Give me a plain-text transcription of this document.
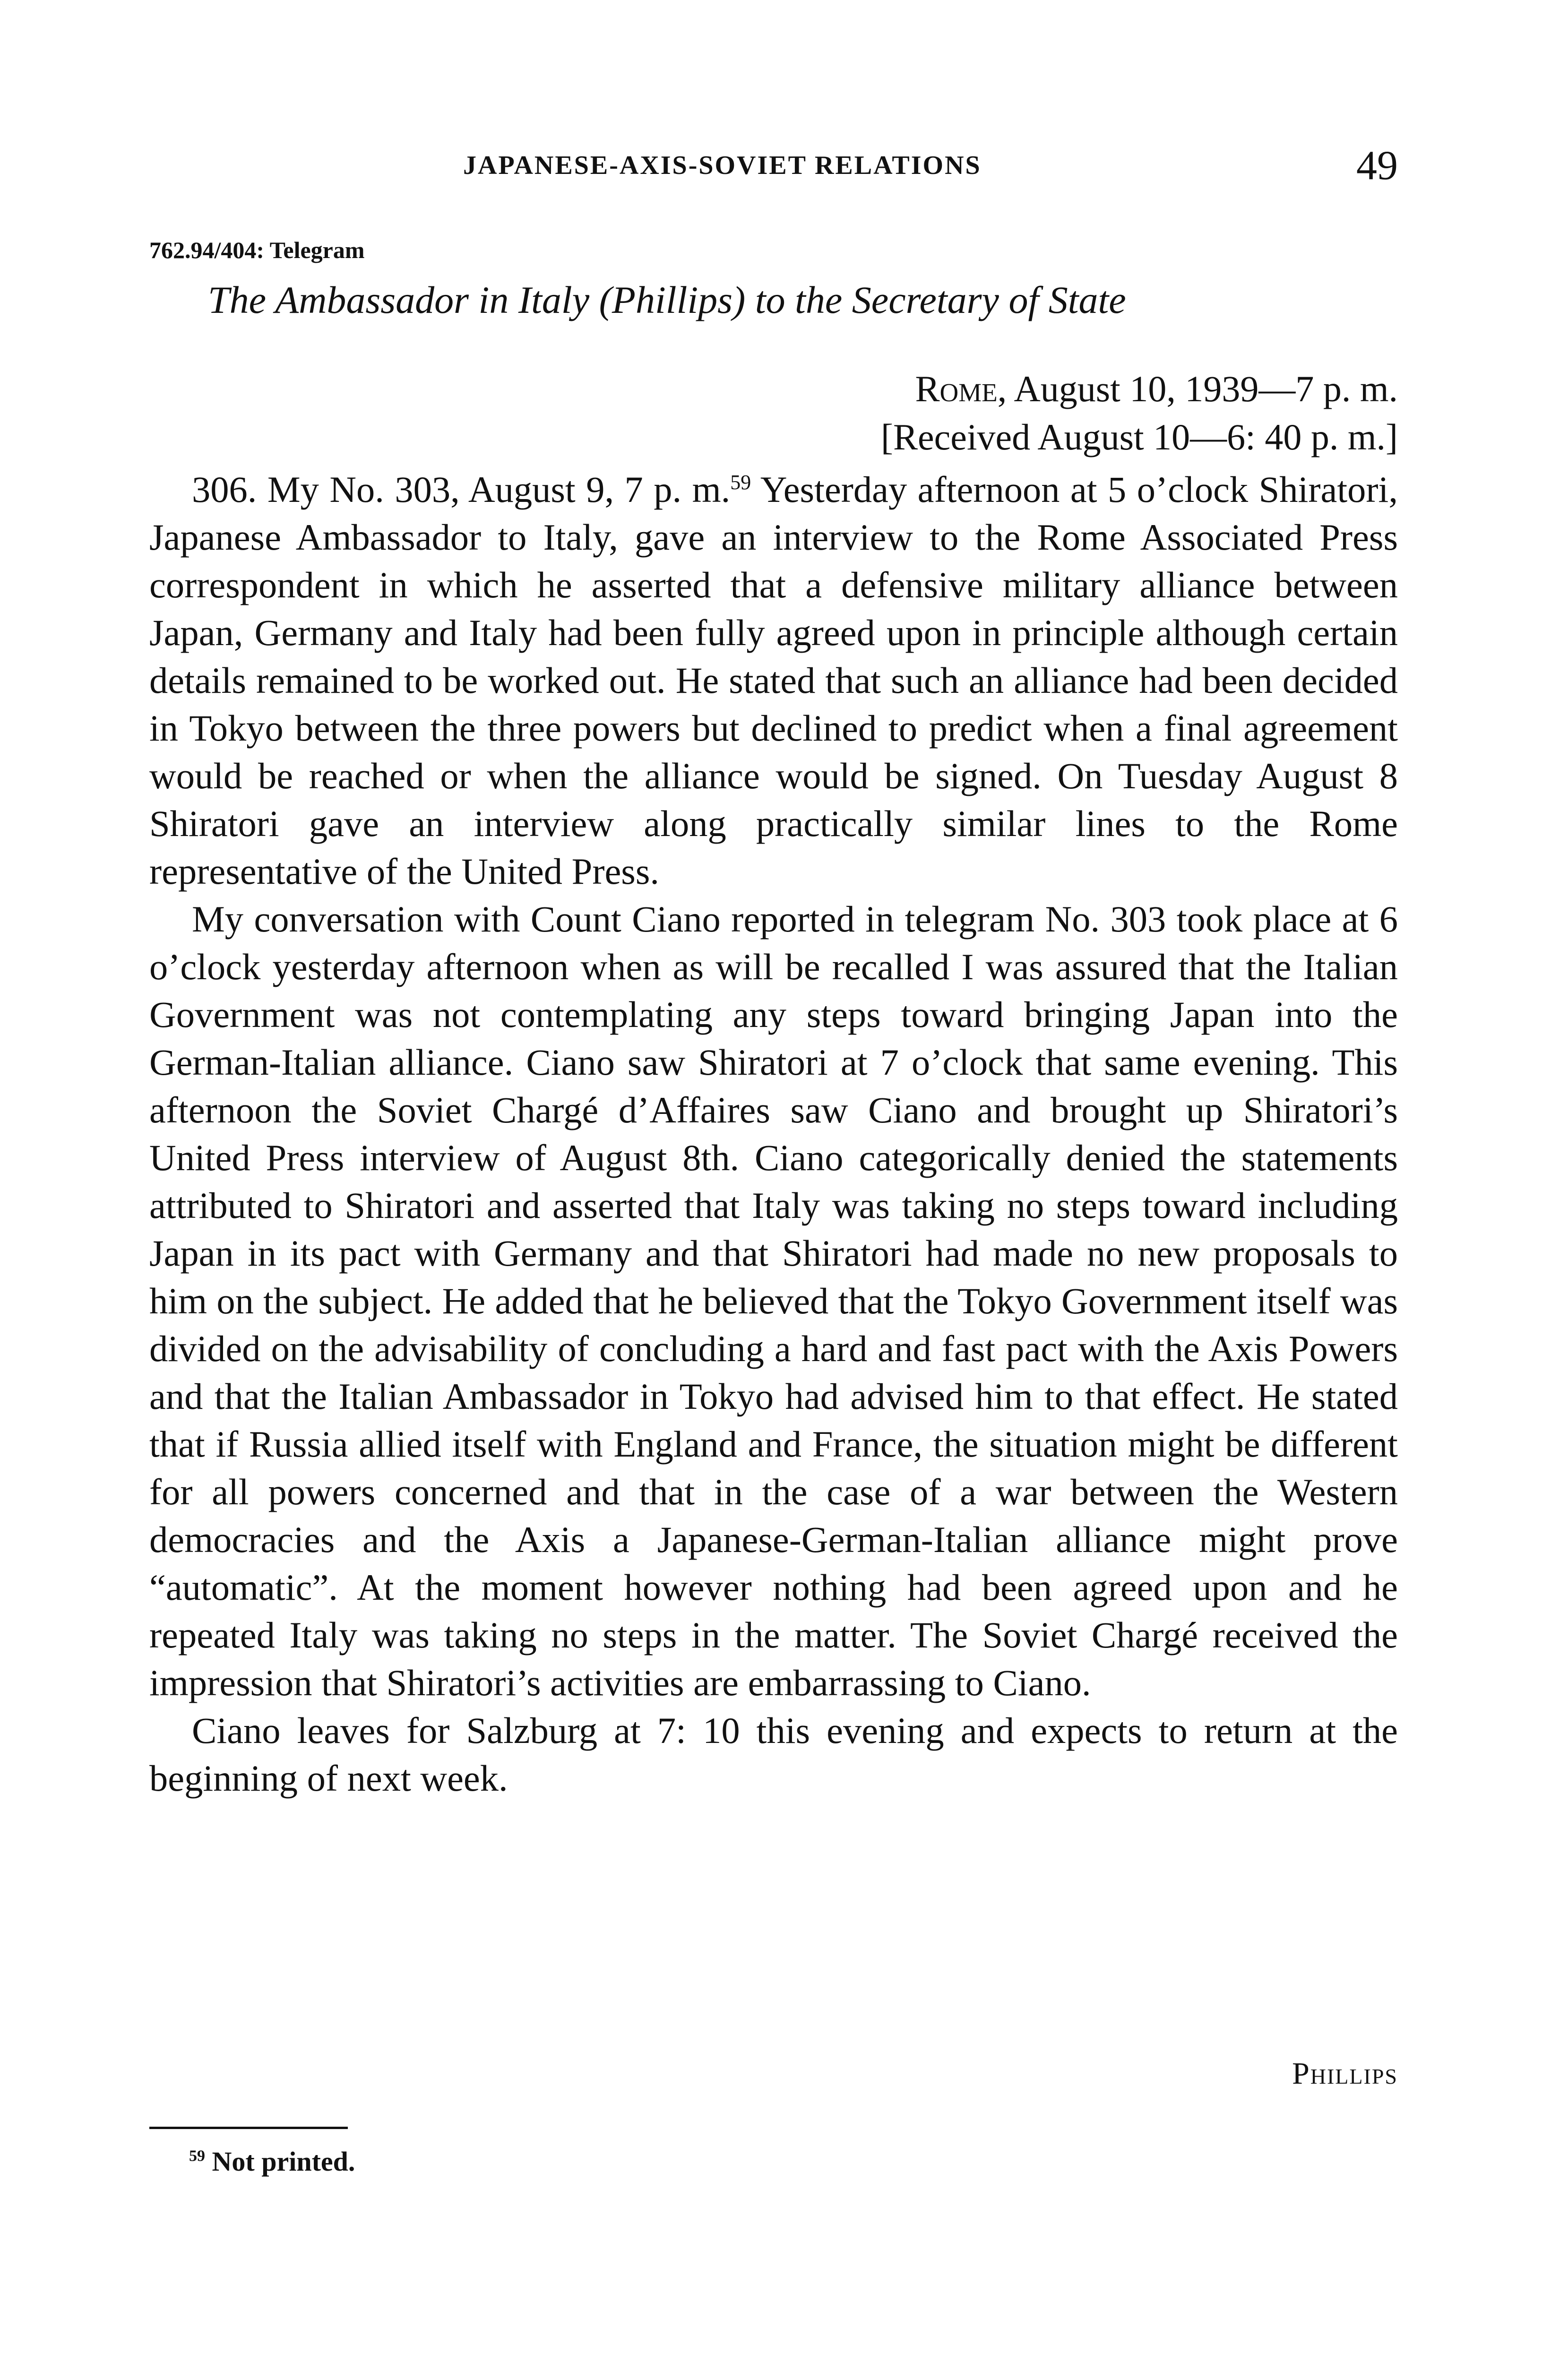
JAPANESE-AXIS-SOVIET RELATIONS	49
762.94/404: Telegram
The Ambassador in Italy (Phillips) to the Secretary of State
Rome, August 10, 1939—7 p. m.
[Received August 10—6: 40 p. m.]

306. My No. 303, August 9, 7 p. m.$^{59}$ Yesterday afternoon at 5 o’clock Shiratori, Japanese Ambassador to Italy, gave an interview to the Rome Associated Press correspondent in which he asserted that a defensive military alliance between Japan, Germany and Italy had been fully agreed upon in principle although certain details remained to be worked out. He stated that such an alliance had been decided in Tokyo between the three powers but declined to predict when a final agreement would be reached or when the alliance would be signed. On Tuesday August 8 Shiratori gave an interview along practically similar lines to the Rome representative of the United Press.

My conversation with Count Ciano reported in telegram No. 303 took place at 6 o’clock yesterday afternoon when as will be recalled I was assured that the Italian Government was not contemplating any steps toward bringing Japan into the German-Italian alliance. Ciano saw Shiratori at 7 o’clock that same evening. This afternoon the Soviet Chargé d’Affaires saw Ciano and brought up Shiratori’s United Press interview of August 8th. Ciano categorically denied the statements attributed to Shiratori and asserted that Italy was taking no steps toward including Japan in its pact with Germany and that Shiratori had made no new proposals to him on the subject. He added that he believed that the Tokyo Government itself was divided on the advisability of concluding a hard and fast pact with the Axis Powers and that the Italian Ambassador in Tokyo had advised him to that effect. He stated that if Russia allied itself with England and France, the situation might be different for all powers concerned and that in the case of a war between the Western democracies and the Axis a Japanese-German-Italian alliance might prove “automatic”. At the moment however nothing had been agreed upon and he repeated Italy was taking no steps in the matter. The Soviet Chargé received the impression that Shiratori’s activities are embarrassing to Ciano.

Ciano leaves for Salzburg at 7: 10 this evening and expects to return at the beginning of next week.

Phillips
$^{59}$ Not printed.
